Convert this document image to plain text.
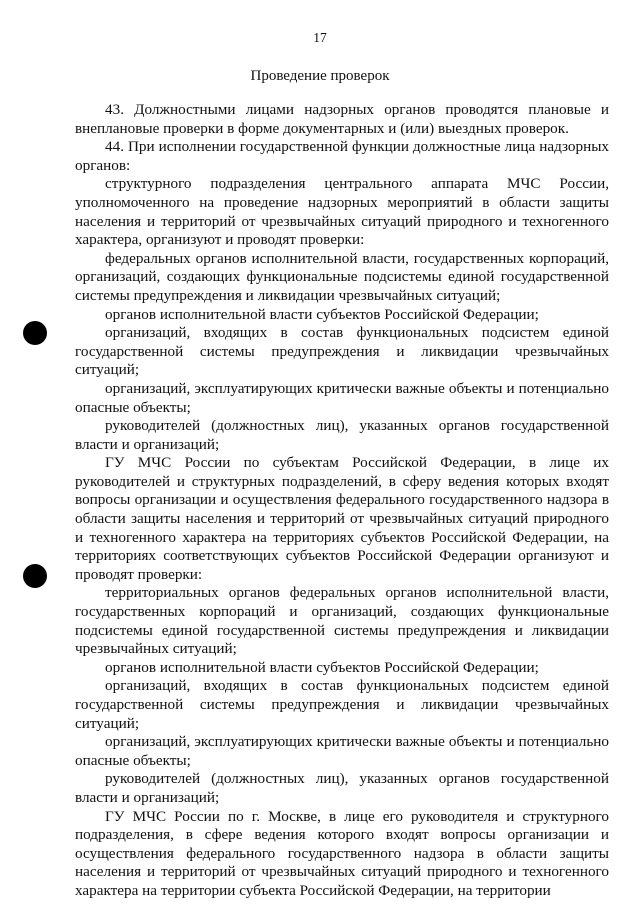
17
Проведение проверок

43. Должностными лицами надзорных органов проводятся плановые и внеплановые проверки в форме документарных и (или) выездных проверок.

44. При исполнении государственной функции должностные лица надзорных органов:

структурного подразделения центрального аппарата МЧС России, уполномоченного на проведение надзорных мероприятий в области защиты населения и территорий от чрезвычайных ситуаций природного и техногенного характера, организуют и проводят проверки:

федеральных органов исполнительной власти, государственных корпораций, организаций, создающих функциональные подсистемы единой государственной системы предупреждения и ликвидации чрезвычайных ситуаций;

органов исполнительной власти субъектов Российской Федерации;

организаций, входящих в состав функциональных подсистем единой государственной системы предупреждения и ликвидации чрезвычайных ситуаций;

организаций, эксплуатирующих критически важные объекты и потенциально опасные объекты;

руководителей (должностных лиц), указанных органов государственной власти и организаций;

ГУ МЧС России по субъектам Российской Федерации, в лице их руководителей и структурных подразделений, в сферу ведения которых входят вопросы организации и осуществления федерального государственного надзора в области защиты населения и территорий от чрезвычайных ситуаций природного и техногенного характера на территориях субъектов Российской Федерации, на территориях соответствующих субъектов Российской Федерации организуют и проводят проверки:

территориальных органов федеральных органов исполнительной власти, государственных корпораций и организаций, создающих функциональные подсистемы единой государственной системы предупреждения и ликвидации чрезвычайных ситуаций;

органов исполнительной власти субъектов Российской Федерации;

организаций, входящих в состав функциональных подсистем единой государственной системы предупреждения и ликвидации чрезвычайных ситуаций;

организаций, эксплуатирующих критически важные объекты и потенциально опасные объекты;

руководителей (должностных лиц), указанных органов государственной власти и организаций;

ГУ МЧС России по г. Москве, в лице его руководителя и структурного подразделения, в сфере ведения которого входят вопросы организации и осуществления федерального государственного надзора в области защиты населения и территорий от чрезвычайных ситуаций природного и техногенного характера на территории субъекта Российской Федерации, на территории
